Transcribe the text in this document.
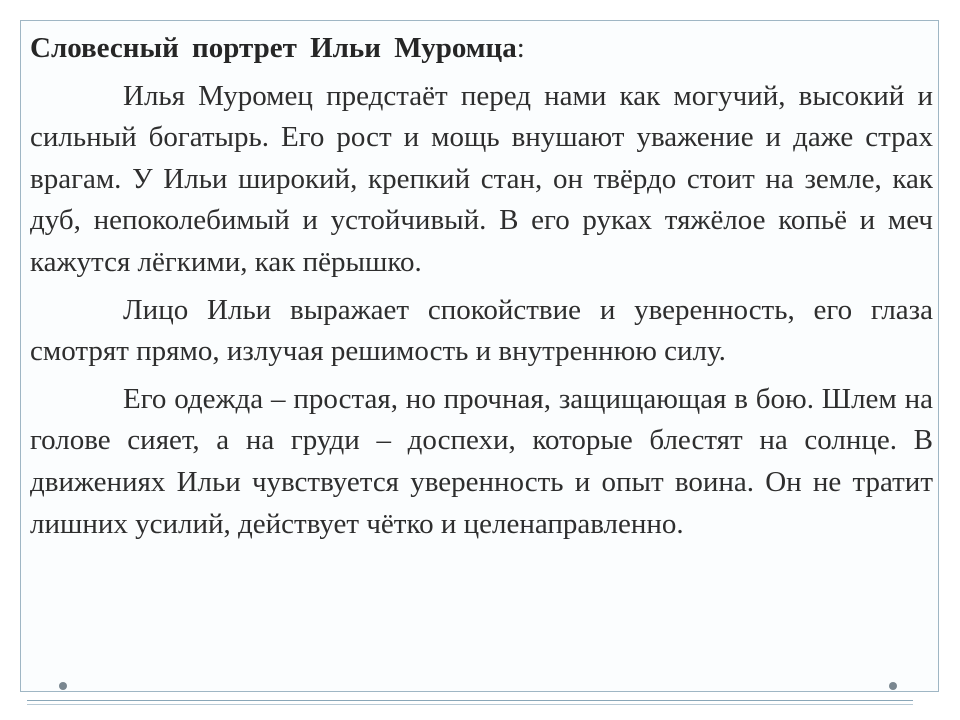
Словесный портрет Ильи Муромца:

Илья Муромец предстаёт перед нами как могучий, высокий и сильный богатырь. Его рост и мощь внушают уважение и даже страх врагам. У Ильи широкий, крепкий стан, он твёрдо стоит на земле, как дуб, непоколебимый и устойчивый. В его руках тяжёлое копьё и меч кажутся лёгкими, как пёрышко.

Лицо Ильи выражает спокойствие и уверенность, его глаза смотрят прямо, излучая решимость и внутреннюю силу.

Его одежда – простая, но прочная, защищающая в бою. Шлем на голове сияет, а на груди – доспехи, которые блестят на солнце. В движениях Ильи чувствуется уверенность и опыт воина. Он не тратит лишних усилий, действует чётко и целенаправленно.
